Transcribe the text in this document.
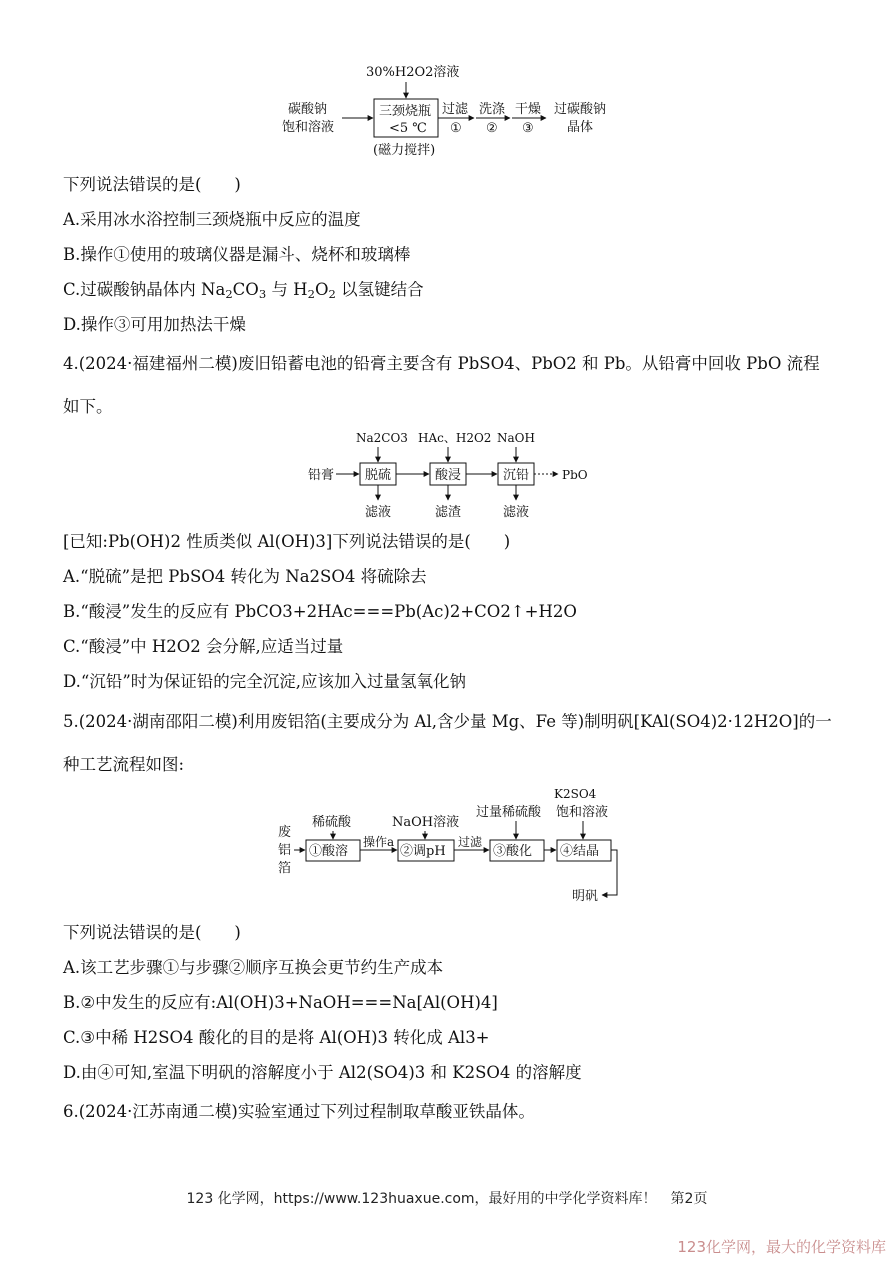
30%H2O2溶液
碳酸钠
饱和溶液
三颈烧瓶
<5 ℃
(磁力搅拌)
过滤
①
洗涤
②
干燥
③
过碳酸钠
晶体
下列说法错误的是(　　)
A.采用冰水浴控制三颈烧瓶中反应的温度
B.操作①使用的玻璃仪器是漏斗、烧杯和玻璃棒
C.过碳酸钠晶体内 $Na_2CO_3$ 与 $H_2O_2$ 以氢键结合
D.操作③可用加热法干燥
4.(2024·福建福州二模)废旧铅蓄电池的铅膏主要含有 PbSO4、PbO2 和 Pb。从铅膏中回收 PbO 流程
如下。
Na2CO3 HAc、H2O2 NaOH
铅膏 脱硫	酸浸	沉铅	PbO
滤液	滤渣	滤液
[已知:Pb(OH)2 性质类似 Al(OH)3]下列说法错误的是(　　)
A.“脱硫”是把 PbSO4 转化为 Na2SO4 将硫除去
B.“酸浸”发生的反应有 PbCO3+2HAc===Pb(Ac)2+CO2↑+H2O
C.“酸浸”中 H2O2 会分解,应适当过量
D.“沉铅”时为保证铅的完全沉淀,应该加入过量氢氧化钠
5.(2024·湖南邵阳二模)利用废铝箔(主要成分为 Al,含少量 Mg、Fe 等)制明矾[KAl(SO4)2·12H2O]的一
种工艺流程如图:
废
铝
箔
稀硫酸
①酸溶
操作a
NaOH溶液
②调pH
过滤
过量稀硫酸
③酸化
K2SO4
饱和溶液
④结晶
明矾
下列说法错误的是(　　)
A.该工艺步骤①与步骤②顺序互换会更节约生产成本
B.②中发生的反应有:Al(OH)3+NaOH===Na[Al(OH)4]
C.③中稀 H2SO4 酸化的目的是将 Al(OH)3 转化成 Al3+
D.由④可知,室温下明矾的溶解度小于 Al2(SO4)3 和 K2SO4 的溶解度
6.(2024·江苏南通二模)实验室通过下列过程制取草酸亚铁晶体。
123 化学网，https://www.123huaxue.com，最好用的中学化学资料库！　第2页
123化学网，最大的化学资料库
